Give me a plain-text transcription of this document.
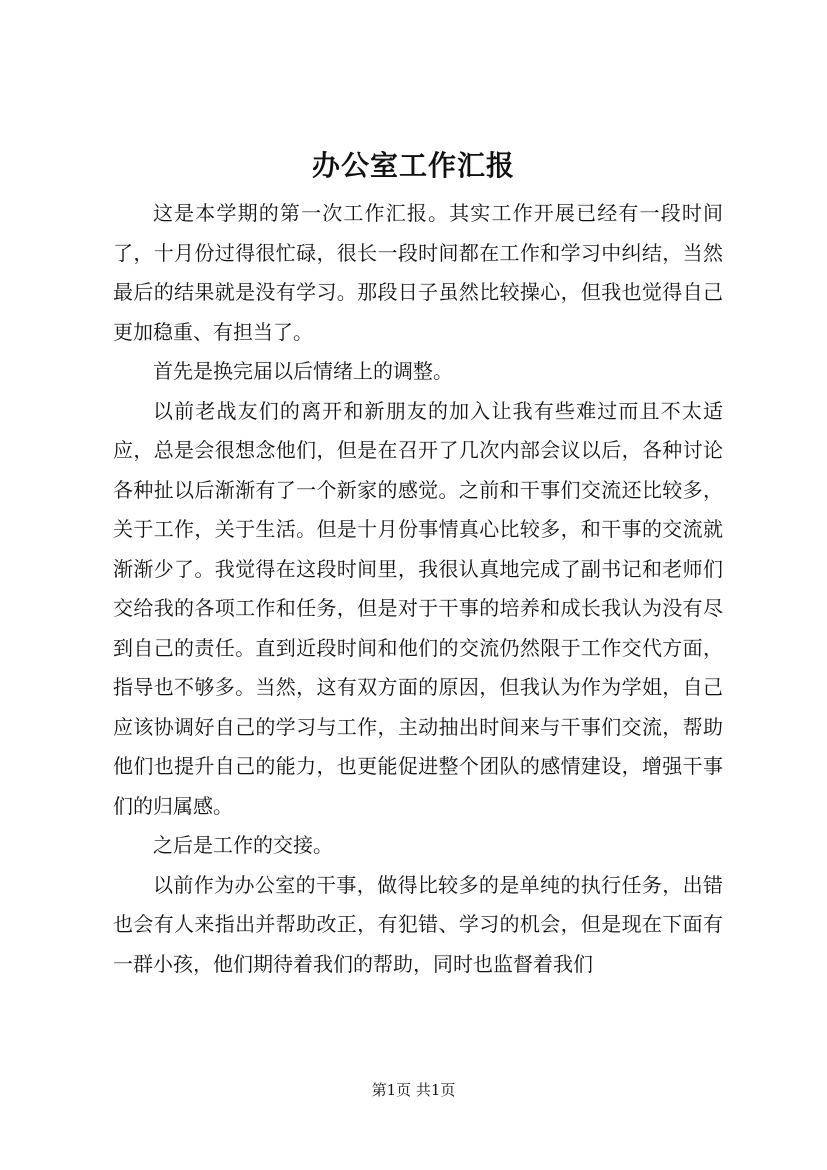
办公室工作汇报

这是本学期的第一次工作汇报。其实工作开展已经有一段时间了，十月份过得很忙碌，很长一段时间都在工作和学习中纠结，当然最后的结果就是没有学习。那段日子虽然比较操心，但我也觉得自己更加稳重、有担当了。

首先是换完届以后情绪上的调整。

以前老战友们的离开和新朋友的加入让我有些难过而且不太适应，总是会很想念他们，但是在召开了几次内部会议以后，各种讨论各种扯以后渐渐有了一个新家的感觉。之前和干事们交流还比较多，关于工作，关于生活。但是十月份事情真心比较多，和干事的交流就渐渐少了。我觉得在这段时间里，我很认真地完成了副书记和老师们交给我的各项工作和任务，但是对于干事的培养和成长我认为没有尽到自己的责任。直到近段时间和他们的交流仍然限于工作交代方面，指导也不够多。当然，这有双方面的原因，但我认为作为学姐，自己应该协调好自己的学习与工作，主动抽出时间来与干事们交流，帮助他们也提升自己的能力，也更能促进整个团队的感情建设，增强干事们的归属感。

之后是工作的交接。

以前作为办公室的干事，做得比较多的是单纯的执行任务，出错也会有人来指出并帮助改正，有犯错、学习的机会，但是现在下面有一群小孩，他们期待着我们的帮助，同时也监督着我们

第1页 共1页
